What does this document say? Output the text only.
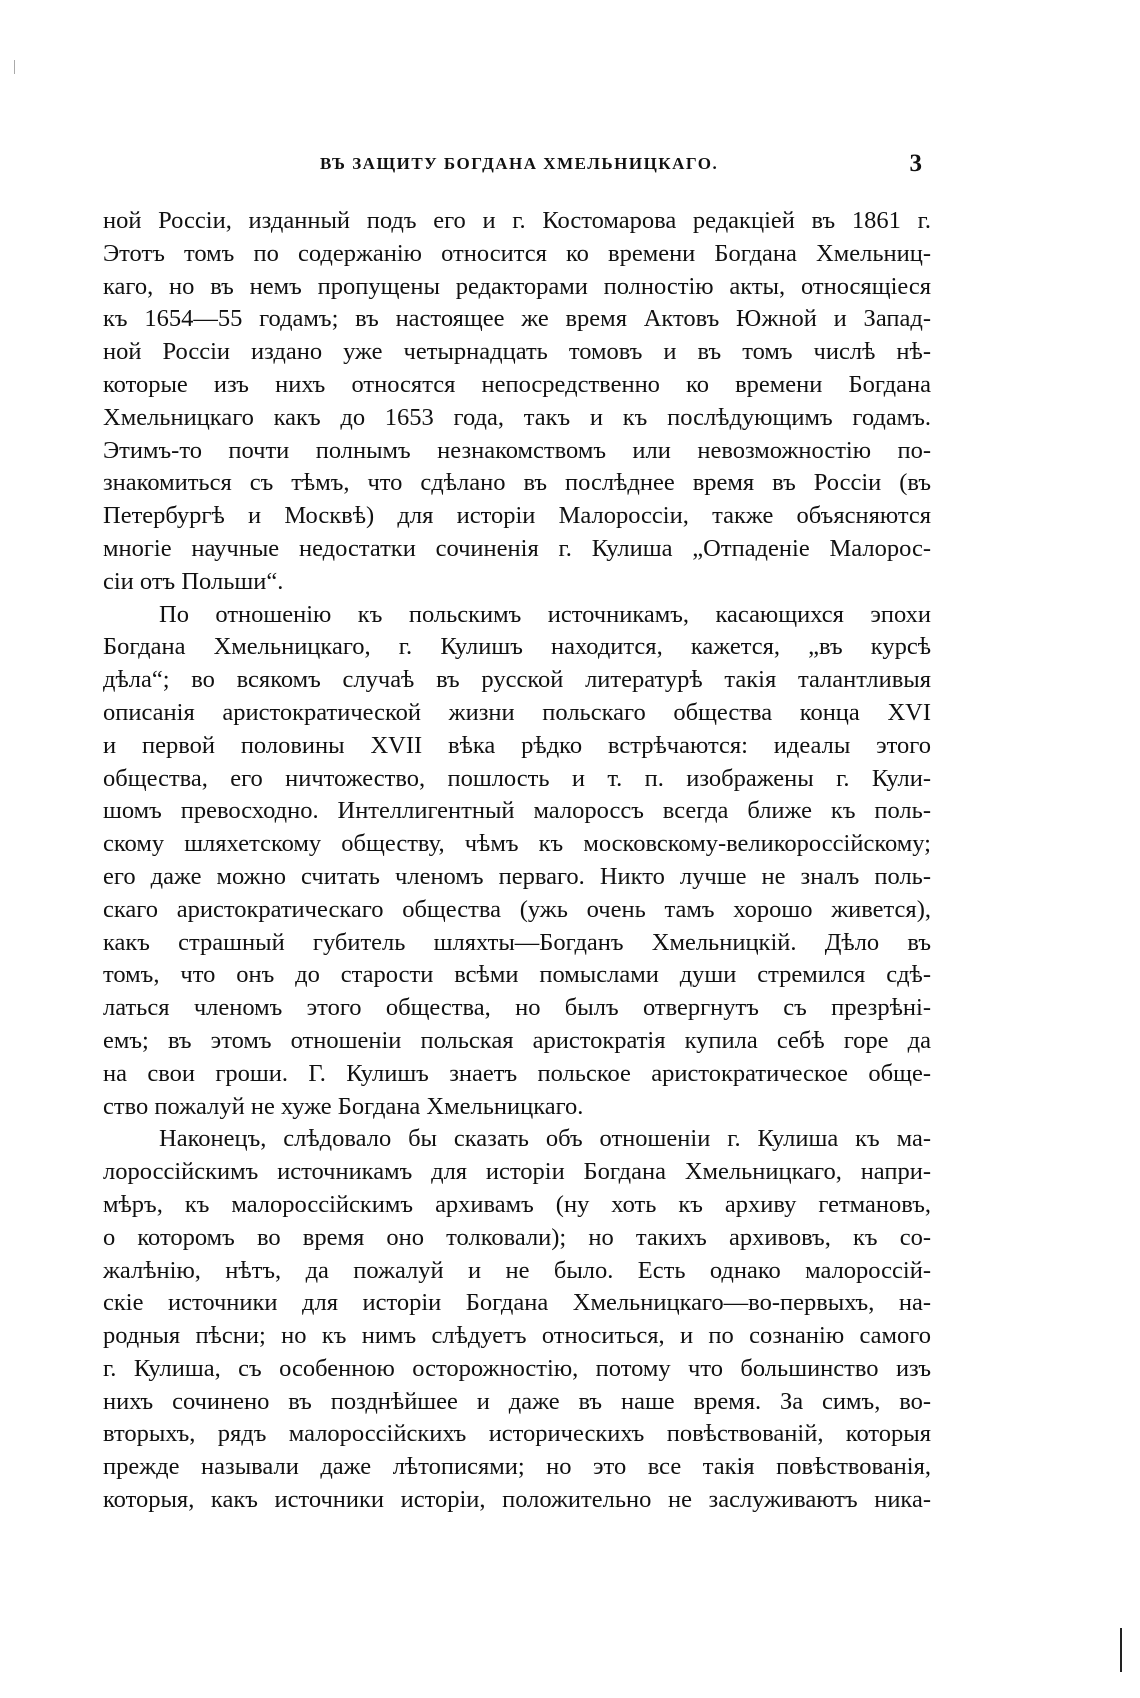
ВЪ ЗАЩИТУ БОГДАНА ХМЕЛЬНИЦКАГО.	3
ной Россіи, изданный подъ его и г. Костомарова редакціей въ 1861 г.
Этотъ томъ по содержанію относится ко времени Богдана Хмельниц-
каго, но въ немъ пропущены редакторами полностію акты, относящіеся
къ 1654—55 годамъ; въ настоящее же время Актовъ Южной и Запад-
ной Россіи издано уже четырнадцать томовъ и въ томъ числѣ нѣ-
которые изъ нихъ относятся непосредственно ко времени Богдана
Хмельницкаго какъ до 1653 года, такъ и къ послѣдующимъ годамъ.
Этимъ-то почти полнымъ незнакомствомъ или невозможностію по-
знакомиться съ тѣмъ, что сдѣлано въ послѣднее время въ Россіи (въ
Петербургѣ и Москвѣ) для исторіи Малороссіи, также объясняются
многіе научные недостатки сочиненія г. Кулиша „Отпаденіе Малорос-
сіи отъ Польши“.
По отношенію къ польскимъ источникамъ, касающихся эпохи
Богдана Хмельницкаго, г. Кулишъ находится, кажется, „въ курсѣ
дѣла“; во всякомъ случаѣ въ русской литературѣ такія талантливыя
описанія аристократической жизни польскаго общества конца XVI
и первой половины XVII вѣка рѣдко встрѣчаются: идеалы этого
общества, его ничтожество, пошлость и т. п. изображены г. Кули-
шомъ превосходно. Интеллигентный малороссъ всегда ближе къ поль-
скому шляхетскому обществу, чѣмъ къ московскому-великороссійскому;
его даже можно считать членомъ перваго. Никто лучше не зналъ поль-
скаго аристократическаго общества (ужь очень тамъ хорошо живется),
какъ страшный губитель шляхты—Богданъ Хмельницкій. Дѣло въ
томъ, что онъ до старости всѣми помыслами души стремился сдѣ-
латься членомъ этого общества, но былъ отвергнутъ съ презрѣні-
емъ; въ этомъ отношеніи польская аристократія купила себѣ горе да
на свои гроши. Г. Кулишъ знаетъ польское аристократическое обще-
ство пожалуй не хуже Богдана Хмельницкаго.
Наконецъ, слѣдовало бы сказать объ отношеніи г. Кулиша къ ма-
лороссійскимъ источникамъ для исторіи Богдана Хмельницкаго, напри-
мѣръ, къ малороссійскимъ архивамъ (ну хоть къ архиву гетмановъ,
о которомъ во время оно толковали); но такихъ архивовъ, къ со-
жалѣнію, нѣтъ, да пожалуй и не было. Есть однако малороссій-
скіе источники для исторіи Богдана Хмельницкаго—во-первыхъ, на-
родныя пѣсни; но къ нимъ слѣдуетъ относиться, и по сознанію самого
г. Кулиша, съ особенною осторожностію, потому что большинство изъ
нихъ сочинено въ позднѣйшее и даже въ наше время. За симъ, во-
вторыхъ, рядъ малороссійскихъ историческихъ повѣствованій, которыя
прежде называли даже лѣтописями; но это все такія повѣствованія,
которыя, какъ источники исторіи, положительно не заслуживаютъ ника-
